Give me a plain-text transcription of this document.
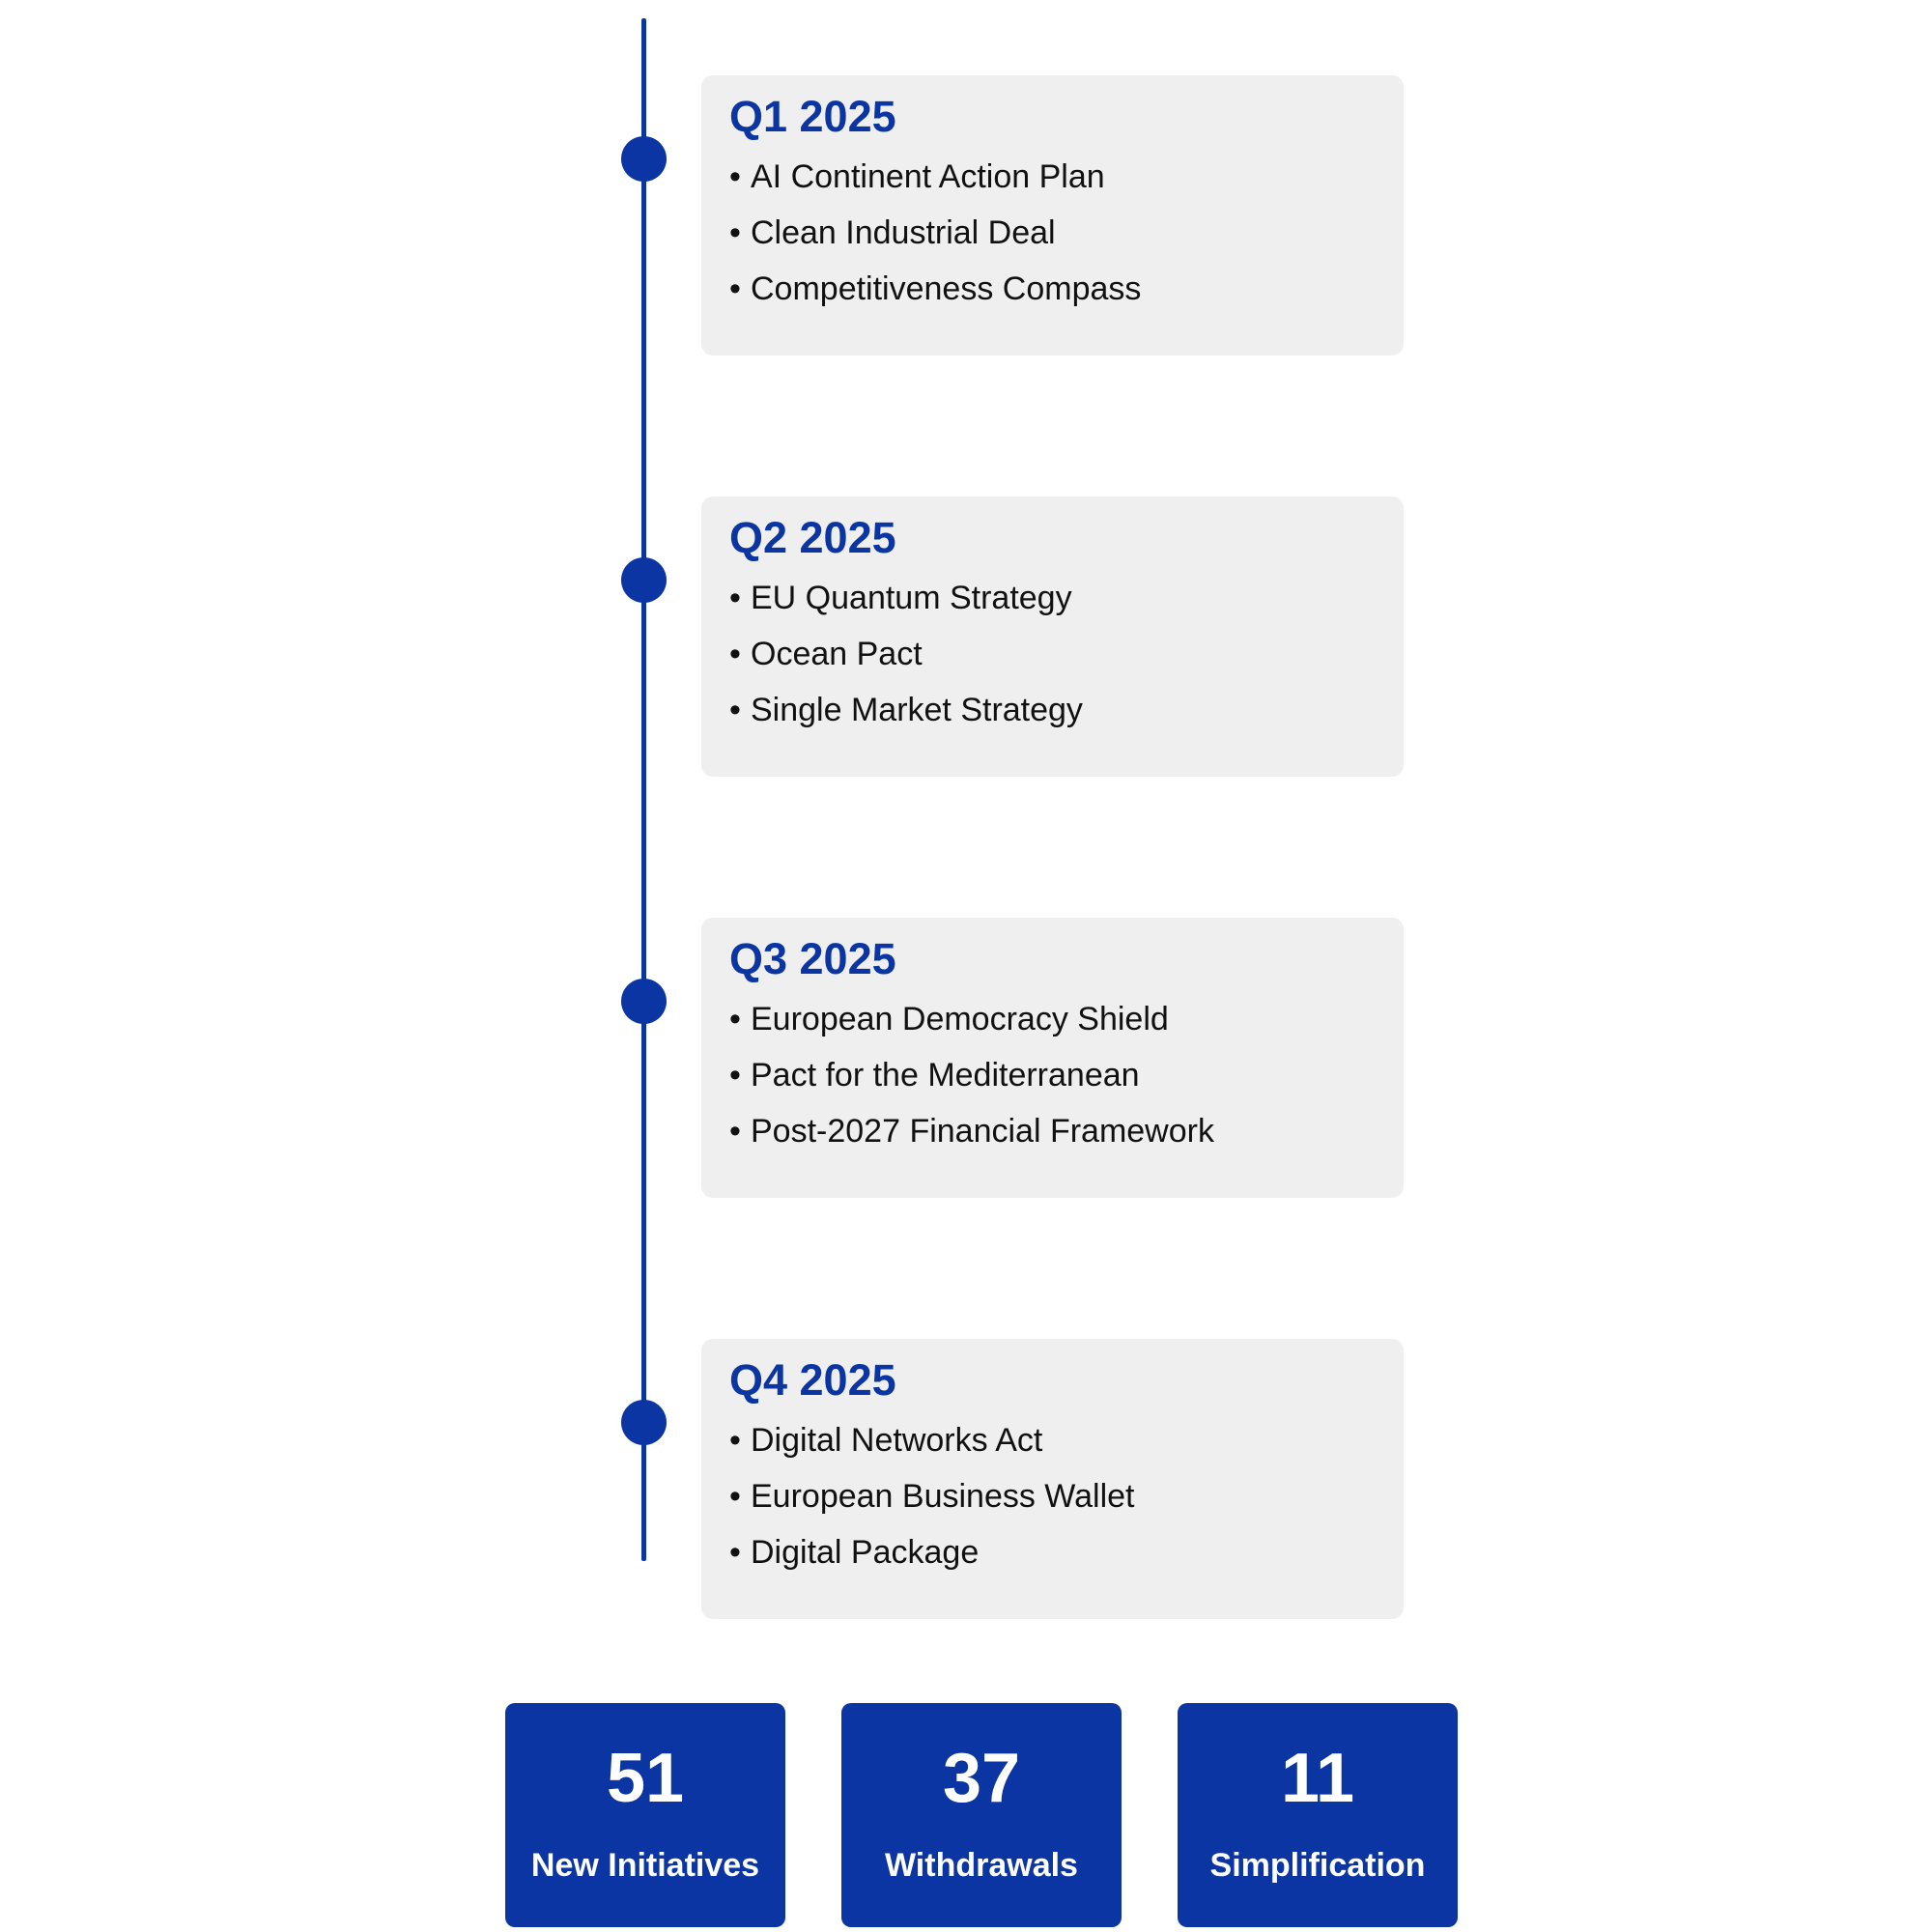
Q1 2025
• AI Continent Action Plan
• Clean Industrial Deal
• Competitiveness Compass
Q2 2025
• EU Quantum Strategy
• Ocean Pact
• Single Market Strategy
Q3 2025
• European Democracy Shield
• Pact for the Mediterranean
• Post-2027 Financial Framework
Q4 2025
• Digital Networks Act
• European Business Wallet
• Digital Package
51
New Initiatives
37
Withdrawals
11
Simplification
